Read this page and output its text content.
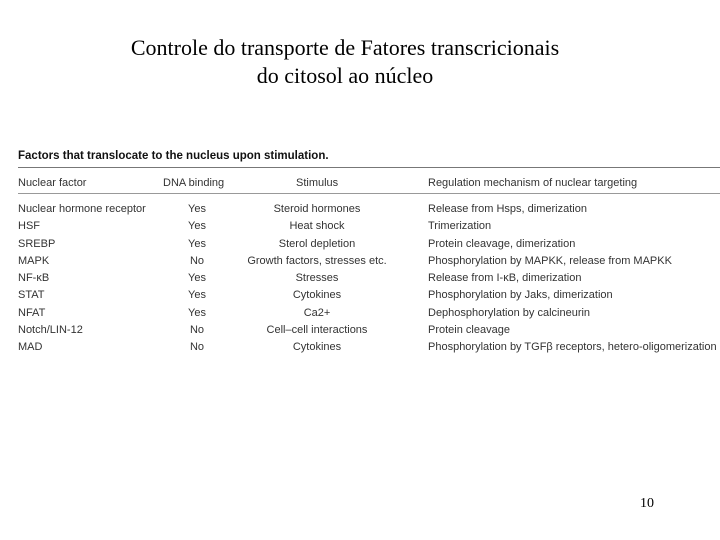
Controle do transporte de Fatores transcricionais
do citosol ao núcleo
Factors that translocate to the nucleus upon stimulation.
Nuclear factor	DNA binding	Stimulus	Regulation mechanism of nuclear targeting
Nuclear hormone receptor	Yes	Steroid hormones	Release from Hsps, dimerization
HSF	Yes	Heat shock	Trimerization
SREBP	Yes	Sterol depletion	Protein cleavage, dimerization
MAPK	No	Growth factors, stresses etc.	Phosphorylation by MAPKK, release from MAPKK
NF-κB	Yes	Stresses	Release from I-κB, dimerization
STAT	Yes	Cytokines	Phosphorylation by Jaks, dimerization
NFAT	Yes	Ca2+	Dephosphorylation by calcineurin
Notch/LIN-12	No	Cell–cell interactions	Protein cleavage
MAD	No	Cytokines	Phosphorylation by TGFβ receptors, hetero-oligomerization
10
